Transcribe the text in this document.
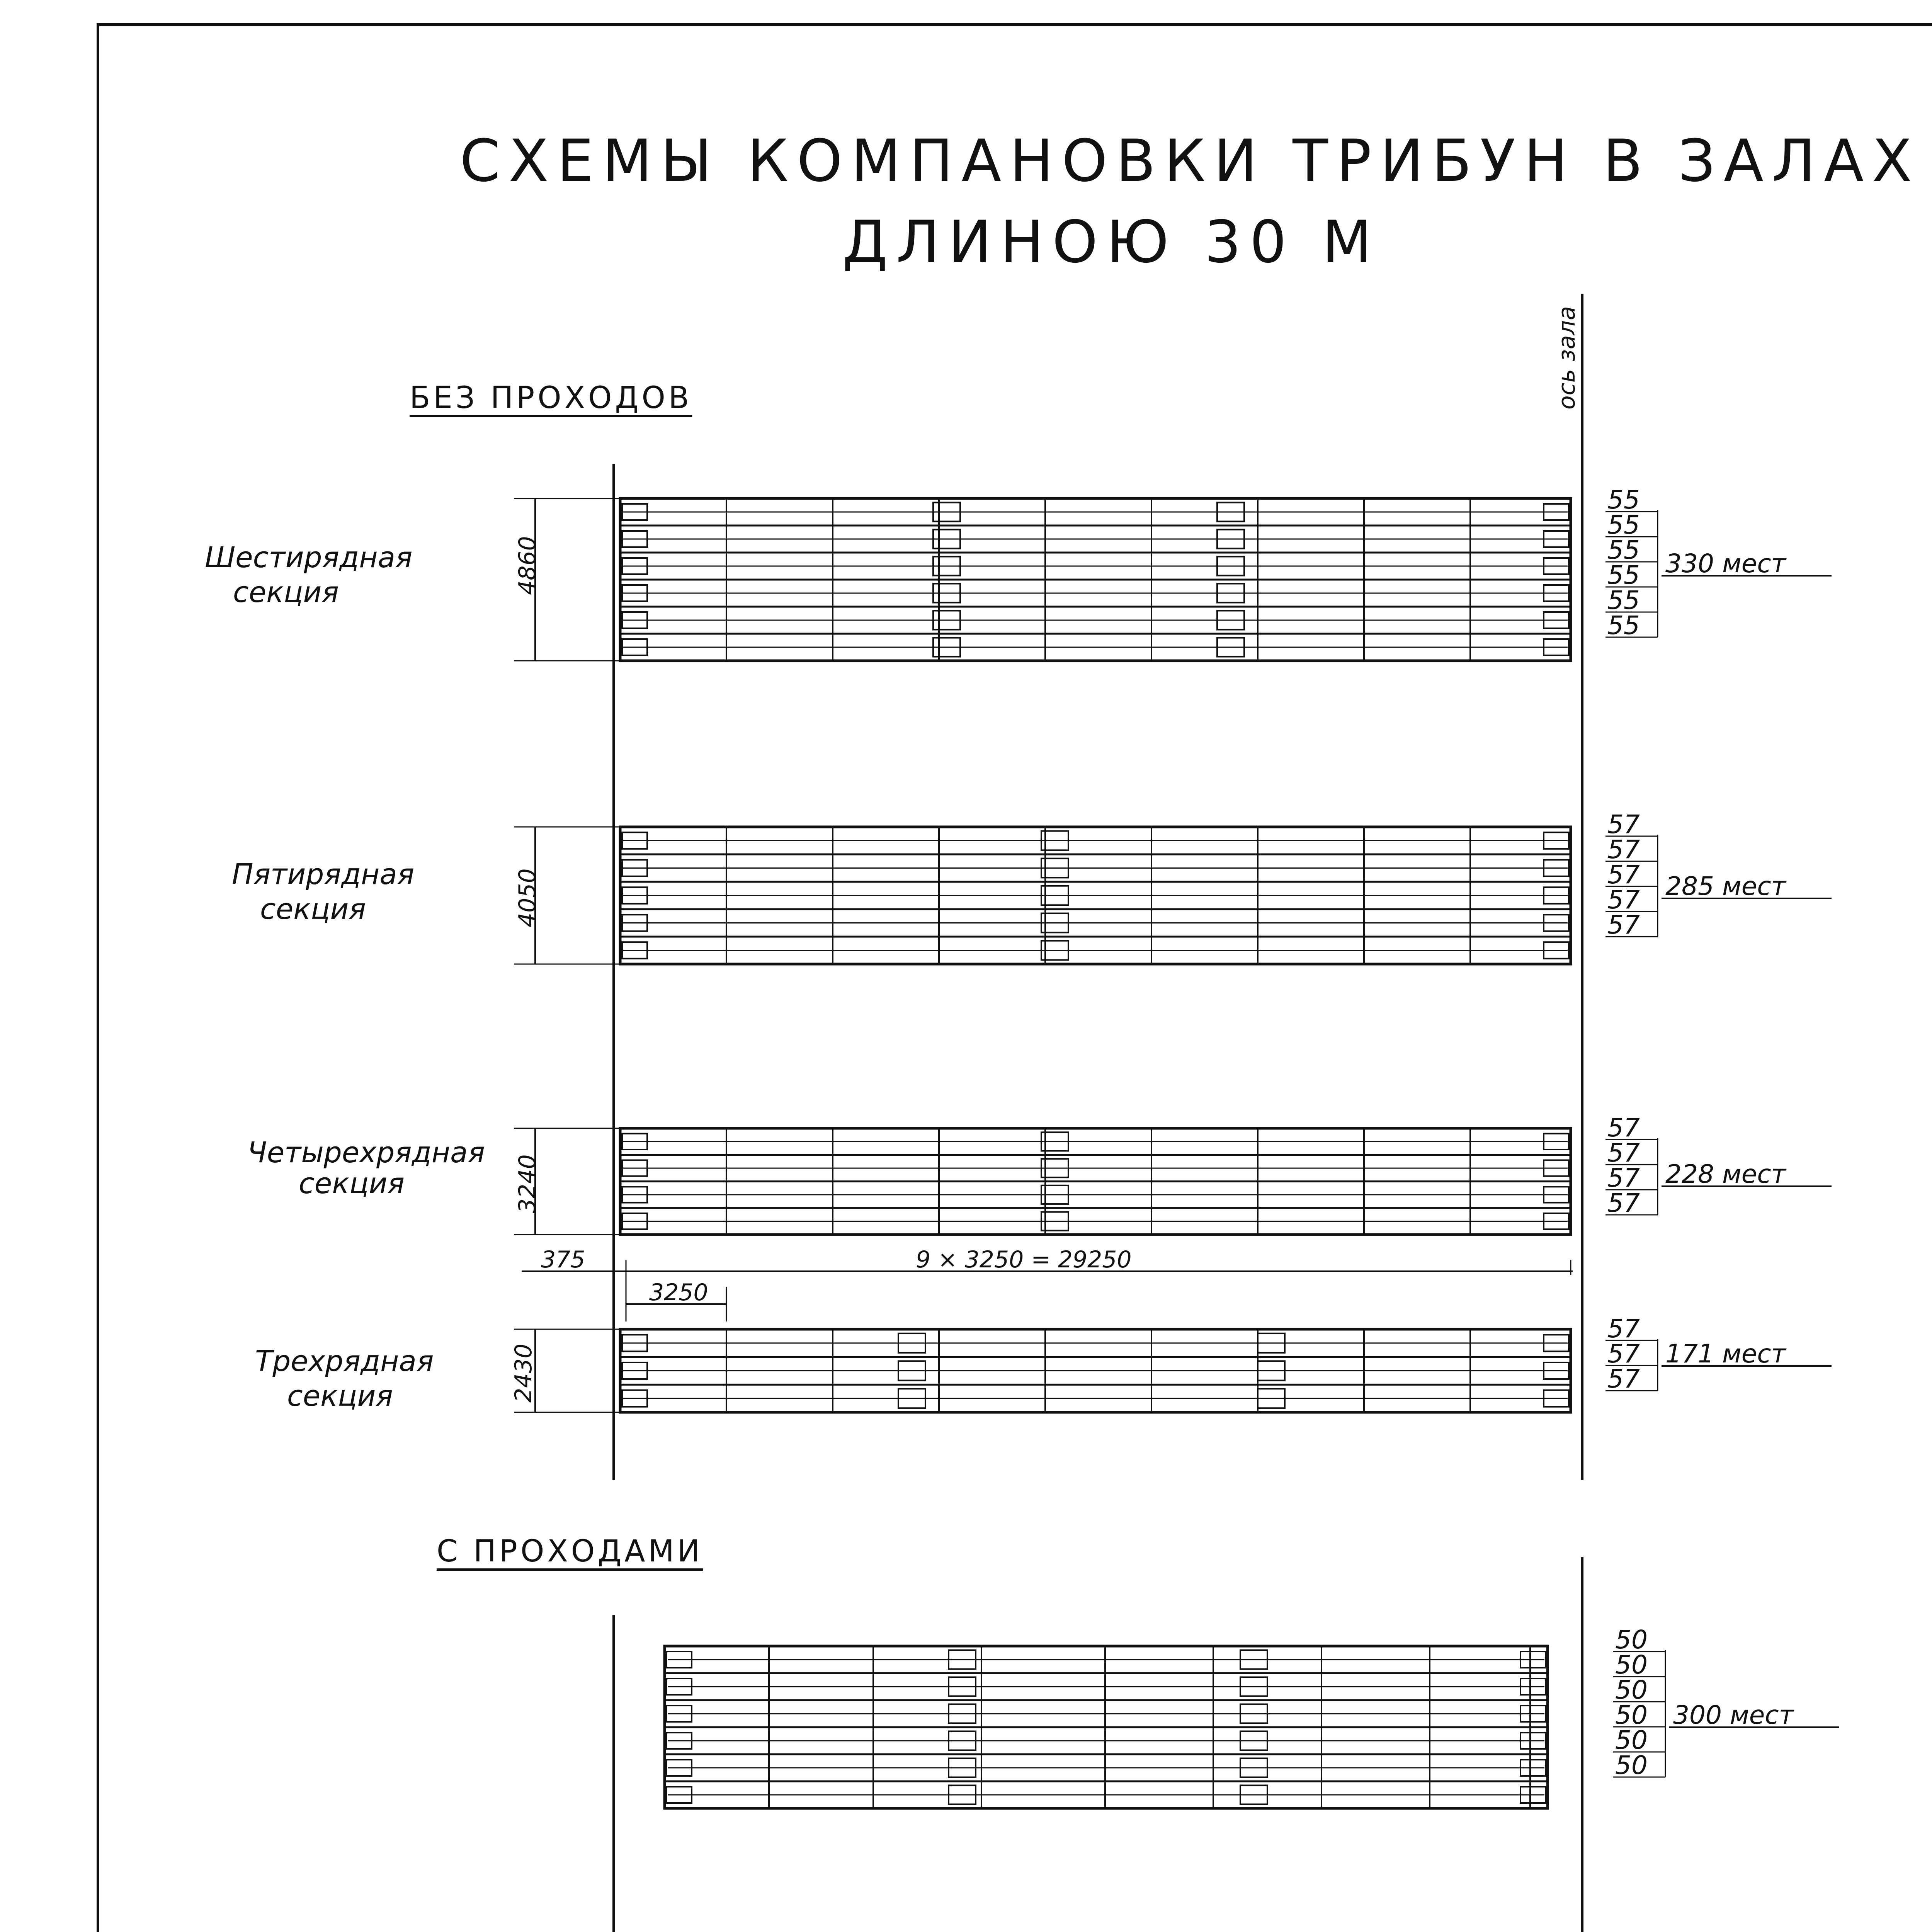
СХЕМЫ КОМПАНОВКИ ТРИБУН В ЗАЛАХ
ДЛИНОЮ 30 М
БЕЗ ПРОХОДОВ
С ПРОХОДАМИ
ось зала
Шестирядная
секция
Пятирядная
секция
Четырехрядная
секция
Трехрядная
секция
4860
4050
3240
2430
375	9 × 3250 = 29250
3250
55
55
55
55
55
55
330 мест
57
57
57
57
57
285 мест
57
57
57
57
228 мест
57
57
57
171 мест
50
50
50
50
50
50
300 мест
